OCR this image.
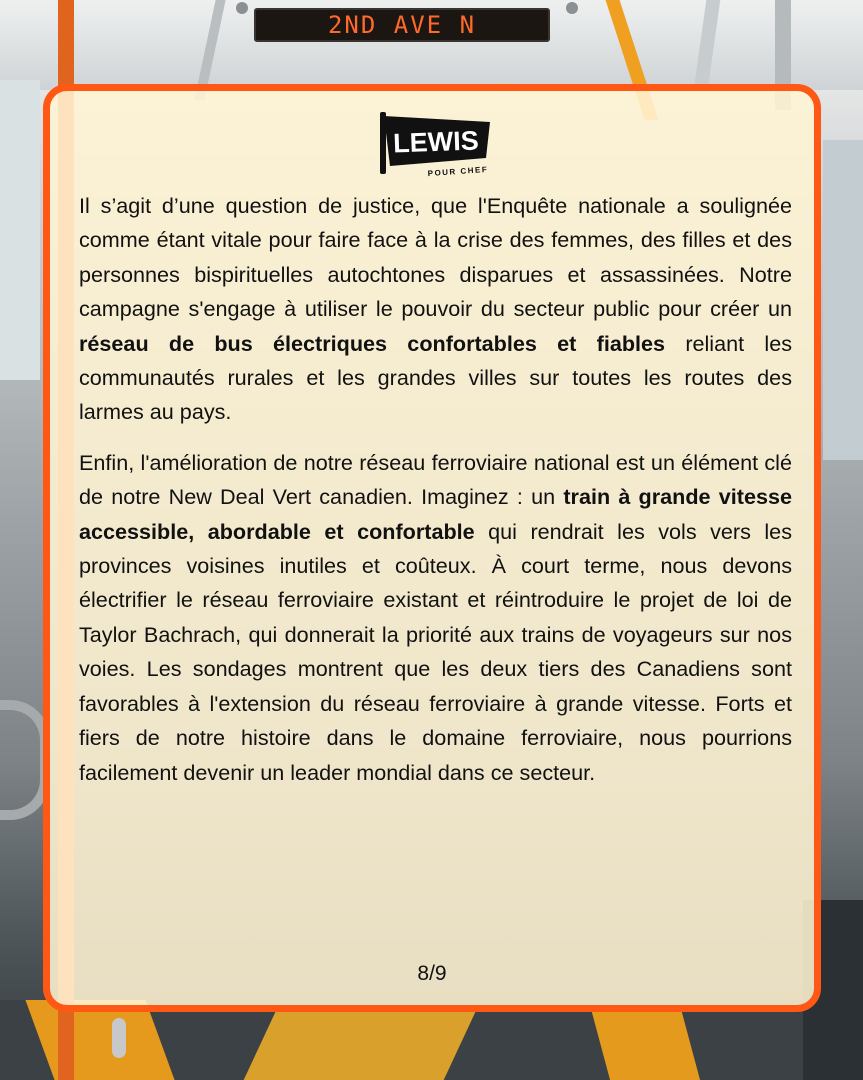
2ND AVE N
LEWIS
POUR CHEF

Il s’agit d’une question de justice, que l'Enquête nationale a soulignée comme étant vitale pour faire face à la crise des femmes, des filles et des personnes bispirituelles autochtones disparues et assassinées. Notre campagne s'engage à utiliser le pouvoir du secteur public pour créer un réseau de bus électriques confortables et fiables reliant les communautés rurales et les grandes villes sur toutes les routes des larmes au pays.

Enfin, l'amélioration de notre réseau ferroviaire national est un élément clé de notre New Deal Vert canadien. Imaginez : un train à grande vitesse accessible, abordable et confortable qui rendrait les vols vers les provinces voisines inutiles et coûteux. À court terme, nous devons électrifier le réseau ferroviaire existant et réintroduire le projet de loi de Taylor Bachrach, qui donnerait la priorité aux trains de voyageurs sur nos voies. Les sondages montrent que les deux tiers des Canadiens sont favorables à l'extension du réseau ferroviaire à grande vitesse. Forts et fiers de notre histoire dans le domaine ferroviaire, nous pourrions facilement devenir un leader mondial dans ce secteur.

8/9
